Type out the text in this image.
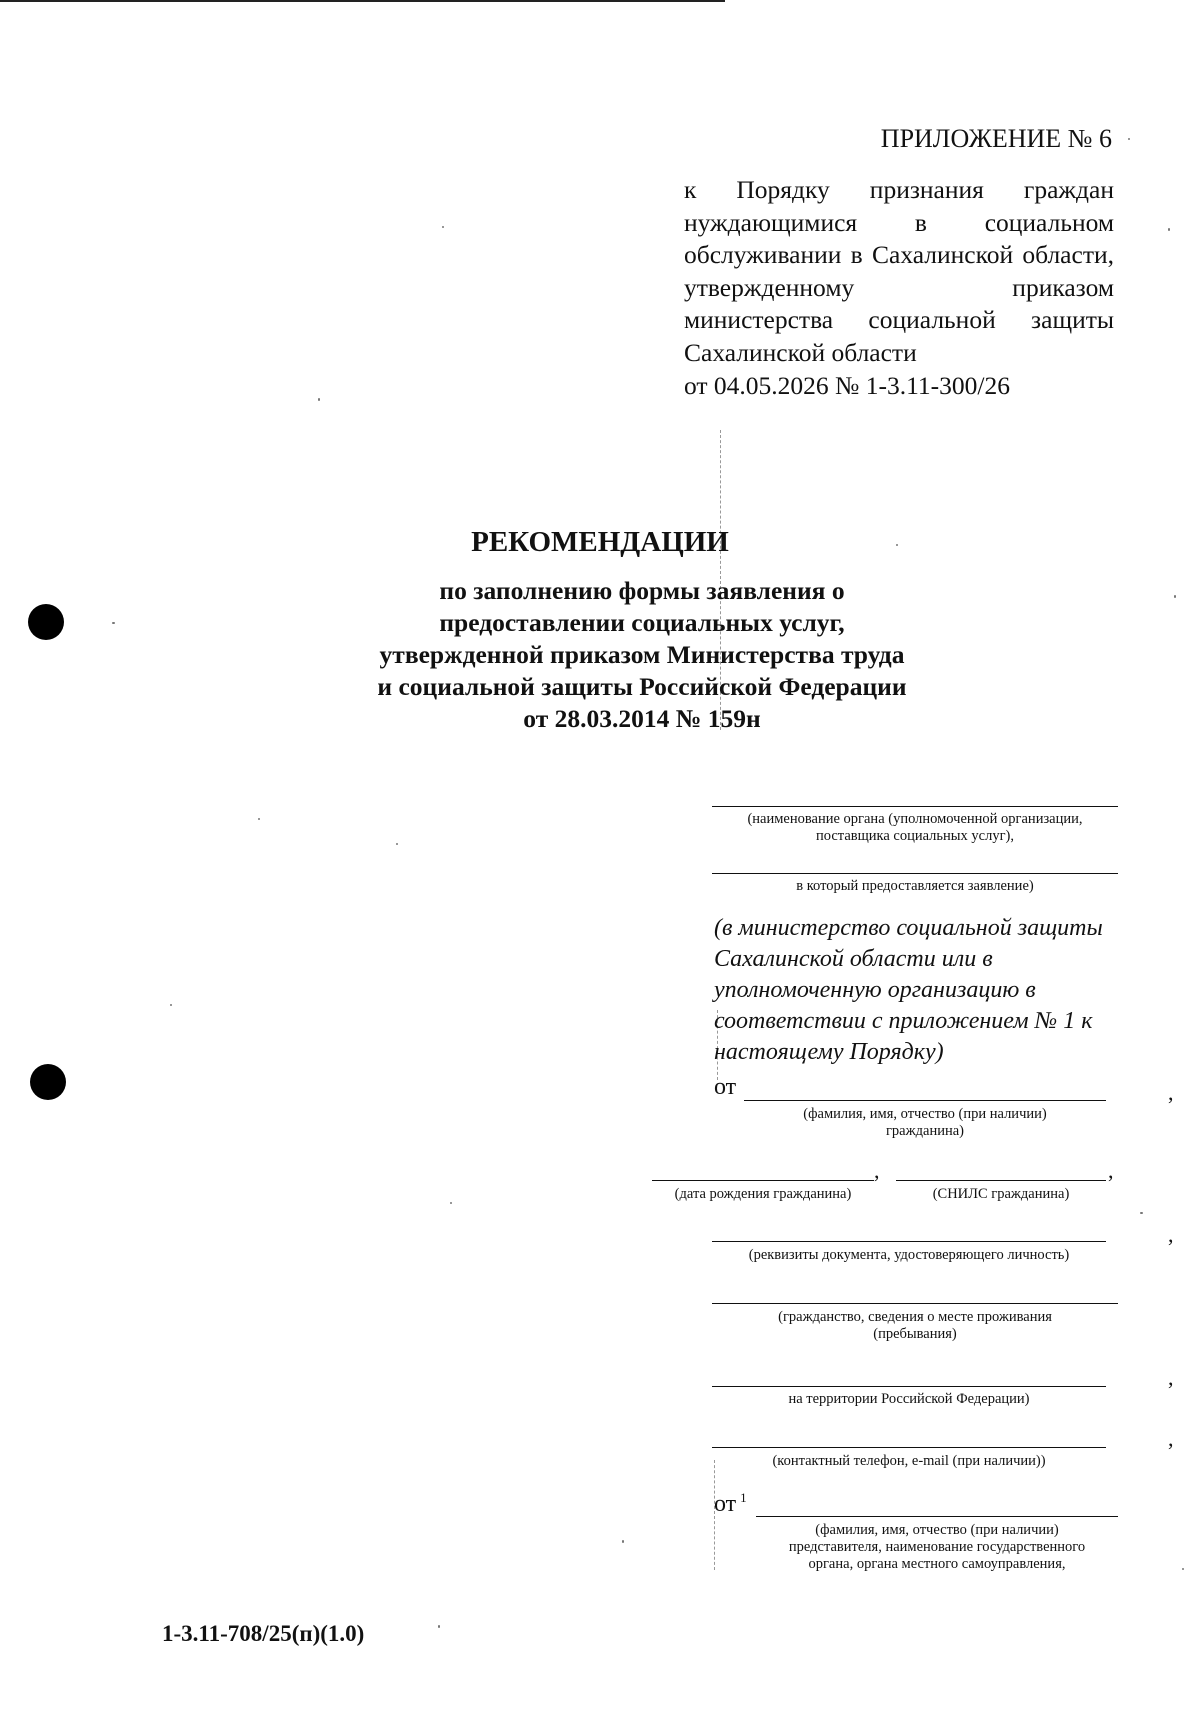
ПРИЛОЖЕНИЕ № 6
к Порядку признания граждан нуждающимися в социальном обслуживании в Сахалинской области, утвержденному приказом министерства социальной защиты Сахалинской области
от 04.05.2026 № 1-3.11-300/26
РЕКОМЕНДАЦИИ
по заполнению формы заявления о
предоставлении социальных услуг,
утвержденной приказом Министерства труда
и социальной защиты Российской Федерации
от 28.03.2014 № 159н
(наименование органа (уполномоченной организации,
поставщика социальных услуг),
в который предоставляется заявление)
(в министерство социальной защиты
Сахалинской области или в
уполномоченную организацию в
соответствии с приложением № 1 к
настоящему Порядку)
от
(фамилия, имя, отчество (при наличии)
гражданина)
,
,	,
(дата рождения гражданина)	(СНИЛС гражданина)
,
(реквизиты документа, удостоверяющего личность)
(гражданство, сведения о месте проживания
(пребывания)
,
на территории Российской Федерации)
,
(контактный телефон, e-mail (при наличии))
от $^1$
(фамилия, имя, отчество (при наличии)
представителя, наименование государственного
органа, органа местного самоуправления,
1-3.11-708/25(п)(1.0)
